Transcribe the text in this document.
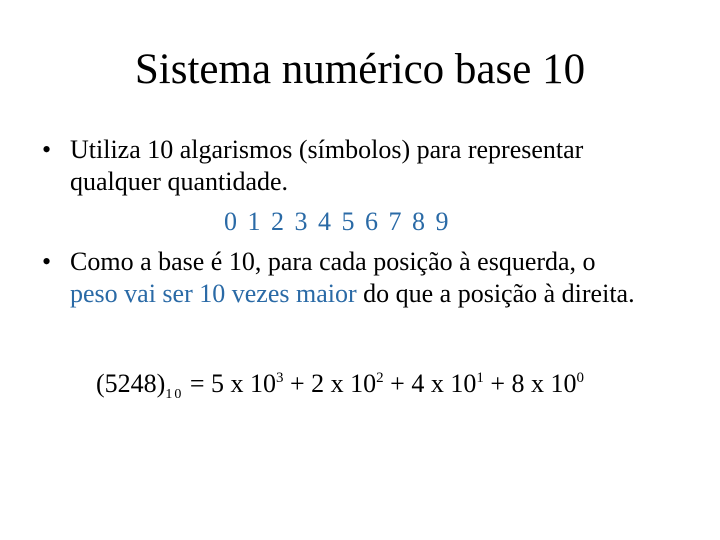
Sistema numérico base 10
• Utiliza 10 algarismos (símbolos) para representar
qualquer quantidade.
0 1 2 3 4 5 6 7 8 9
• Como a base é 10, para cada posição à esquerda, o
peso vai ser 10 vezes maior do que a posição à direita.
$(5248)_{10} = 5$ x $10^3 + 2$ x $10^2 + 4$ x $10^1 + 8$ x $10^0$
